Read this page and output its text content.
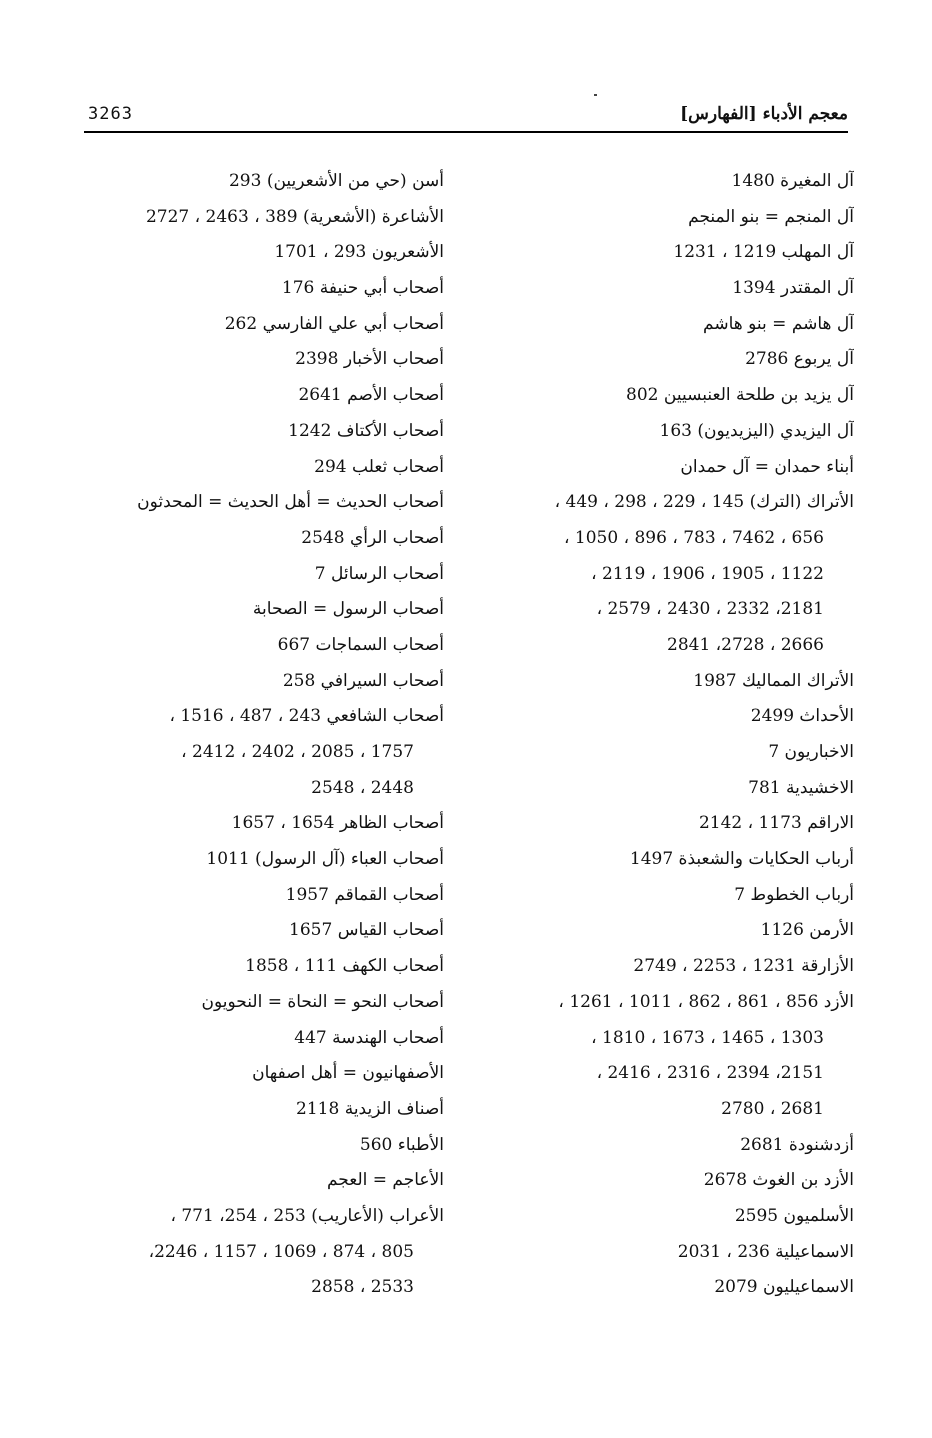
معجم الأدباء [الفهارس]
3263
آل المغيرة 1480
آل المنجم = بنو المنجم
آل المهلب 1219 ، 1231
آل المقتدر 1394
آل هاشم = بنو هاشم
آل يربوع 2786
آل يزيد بن طلحة العنبسيين 802
آل اليزيدي (اليزيديون) 163
أبناء حمدان = آل حمدان
الأتراك (الترك) 145 ، 229 ، 298 ، 449 ،
656 ، 7462 ، 783 ، 896 ، 1050 ،
1122 ، 1905 ، 1906 ، 2119 ،
2181، 2332 ، 2430 ، 2579 ،
2666 ، 2728، 2841
الأتراك المماليك 1987
الأحداث 2499
الاخباريون 7
الاخشيدية 781
الاراقم 1173 ، 2142
أرباب الحكايات والشعبذة 1497
أرباب الخطوط 7
الأرمن 1126
الأزارقة 1231 ، 2253 ، 2749
الأزد 856 ، 861 ، 862 ، 1011 ، 1261 ،
1303 ، 1465 ، 1673 ، 1810 ،
2151، 2394 ، 2316 ، 2416 ،
2681 ، 2780
أزدشنودة 2681
الأزد بن الغوث 2678
الأسلميون 2595
الاسماعيلية 236 ، 2031
الاسماعيليون 2079
أسن (حي من الأشعريين) 293
الأشاعرة (الأشعرية) 389 ، 2463 ، 2727
الأشعريون 293 ، 1701
أصحاب أبي حنيفة 176
أصحاب أبي علي الفارسي 262
أصحاب الأخبار 2398
أصحاب الأصم 2641
أصحاب الأكتاف 1242
أصحاب ثعلب 294
أصحاب الحديث = أهل الحديث = المحدثون
أصحاب الرأي 2548
أصحاب الرسائل 7
أصحاب الرسول = الصحابة
أصحاب السماجات 667
أصحاب السيرافي 258
أصحاب الشافعي 243 ، 487 ، 1516 ،
1757 ، 2085 ، 2402 ، 2412 ،
2448 ، 2548
أصحاب الظاهر 1654 ، 1657
أصحاب العباء (آل الرسول) 1011
أصحاب القماقم 1957
أصحاب القياس 1657
أصحاب الكهف 111 ، 1858
أصحاب النحو = النحاة = النحويون
أصحاب الهندسة 447
الأصفهانيون = أهل اصفهان
أصناف الزيدية 2118
الأطباء 560
الأعاجم = العجم
الأعراب (الأعاريب) 253 ، 254، 771 ،
805 ، 874 ، 1069 ، 1157 ، 2246،
2533 ، 2858
